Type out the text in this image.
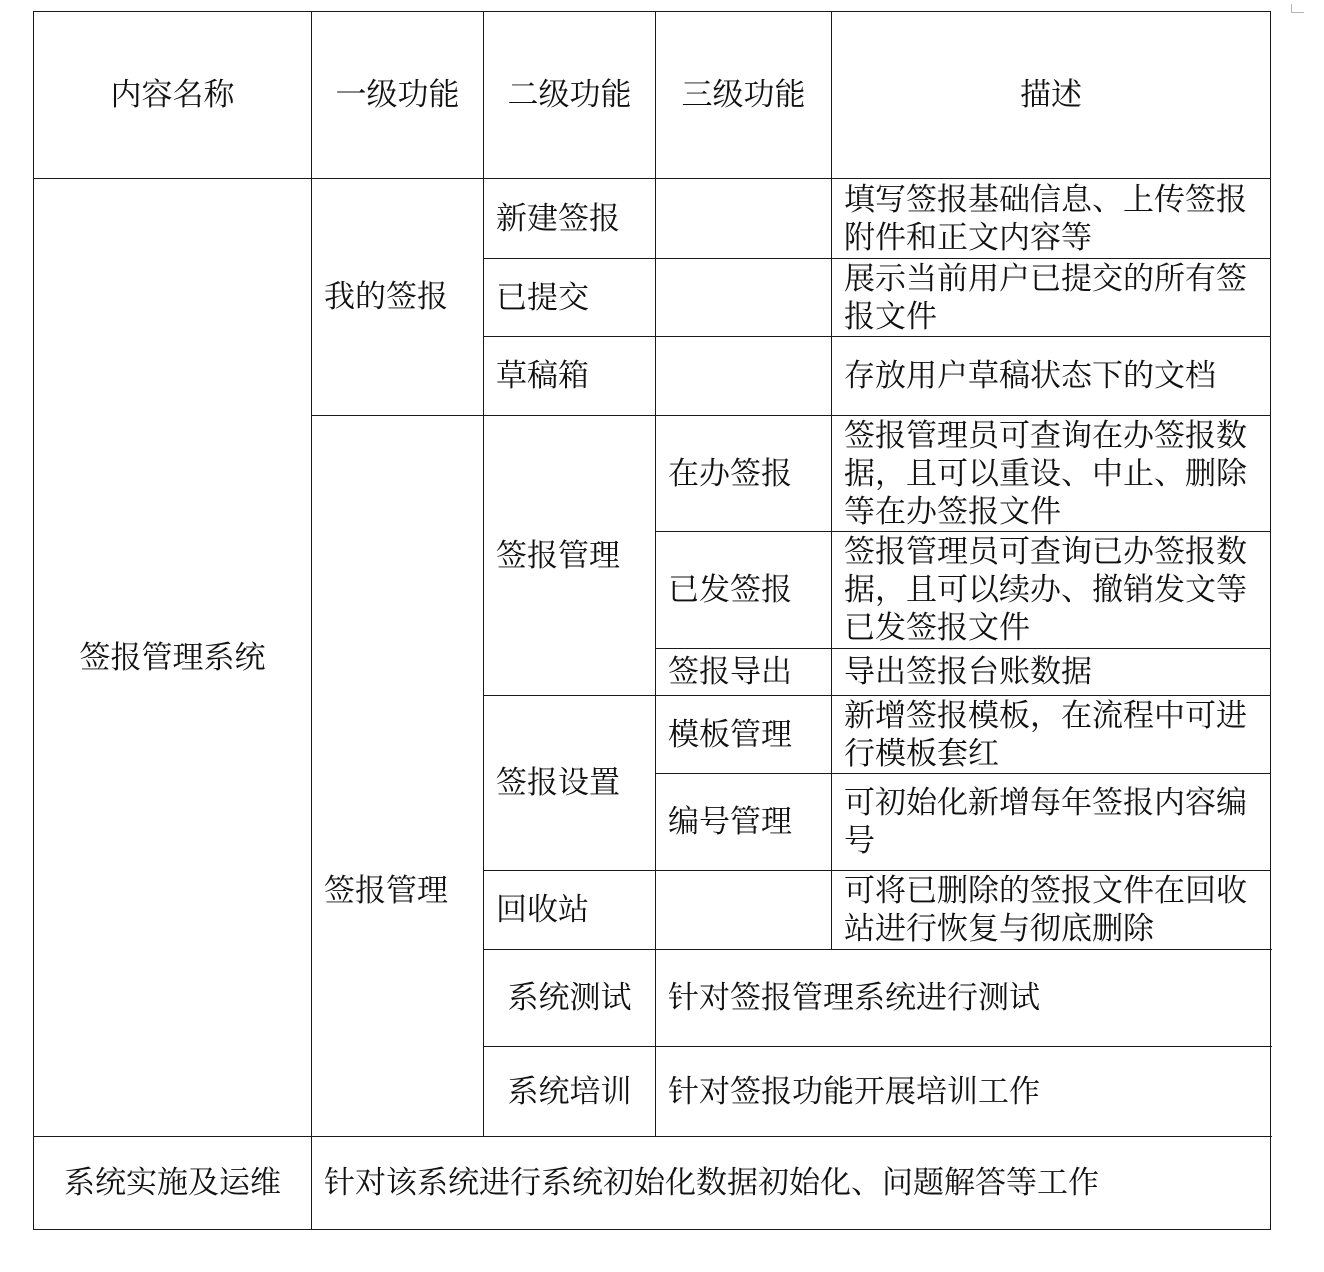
内容名称	一级功能	二级功能	三级功能	描述
签报管理系统	我的签报	新建签报		填写签报基础信息、上传签报附件和正文内容等
		已提交		展示当前用户已提交的所有签报文件
		草稿箱		存放用户草稿状态下的文档

	签报管理	签报管理	在办签报	签报管理员可查询在办签报数据，且可以重设、中止、删除等在办签报文件
			已发签报	签报管理员可查询已办签报数据，且可以续办、撤销发文等已发签报文件
			签报导出	导出签报台账数据
		签报设置	模板管理	新增签报模板，在流程中可进行模板套红
			编号管理	可初始化新增每年签报内容编号
		回收站		可将已删除的签报文件在回收站进行恢复与彻底删除
		系统测试	针对签报管理系统进行测试	
		系统培训	针对签报功能开展培训工作	
系统实施及运维	针对该系统进行系统初始化数据初始化、问题解答等工作			
